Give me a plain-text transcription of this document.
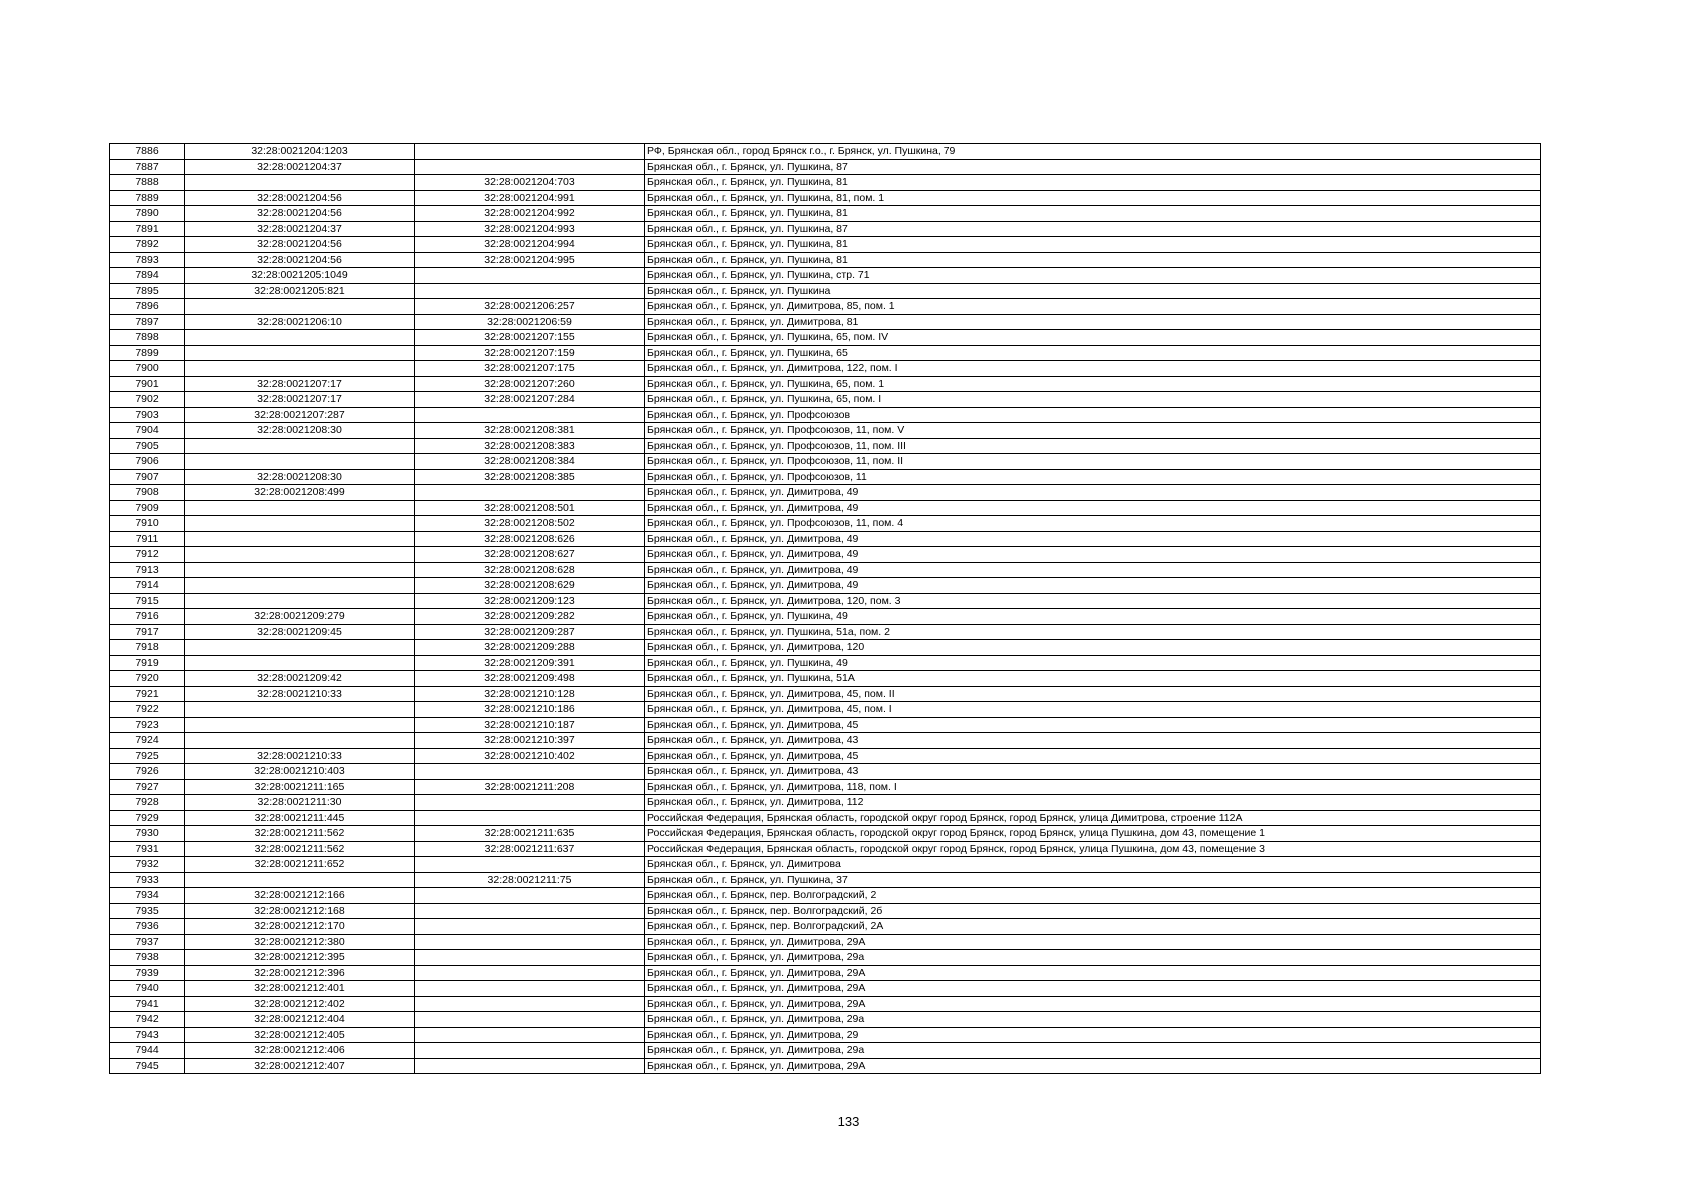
7886	32:28:0021204:1203		РФ, Брянская обл., город Брянск г.о., г. Брянск, ул. Пушкина, 79
7887	32:28:0021204:37		Брянская обл., г. Брянск, ул. Пушкина, 87
7888		32:28:0021204:703	Брянская обл., г. Брянск, ул. Пушкина, 81
7889	32:28:0021204:56	32:28:0021204:991	Брянская обл., г. Брянск, ул. Пушкина, 81, пом. 1
7890	32:28:0021204:56	32:28:0021204:992	Брянская обл., г. Брянск, ул. Пушкина, 81
7891	32:28:0021204:37	32:28:0021204:993	Брянская обл., г. Брянск, ул. Пушкина, 87
7892	32:28:0021204:56	32:28:0021204:994	Брянская обл., г. Брянск, ул. Пушкина, 81
7893	32:28:0021204:56	32:28:0021204:995	Брянская обл., г. Брянск, ул. Пушкина, 81
7894	32:28:0021205:1049		Брянская обл., г. Брянск, ул. Пушкина, стр. 71
7895	32:28:0021205:821		Брянская обл., г. Брянск, ул. Пушкина
7896		32:28:0021206:257	Брянская обл., г. Брянск, ул. Димитрова, 85, пом. 1
7897	32:28:0021206:10	32:28:0021206:59	Брянская обл., г. Брянск, ул. Димитрова, 81
7898		32:28:0021207:155	Брянская обл., г. Брянск, ул. Пушкина, 65, пом. IV
7899		32:28:0021207:159	Брянская обл., г. Брянск, ул. Пушкина, 65
7900		32:28:0021207:175	Брянская обл., г. Брянск, ул. Димитрова, 122, пом. I
7901	32:28:0021207:17	32:28:0021207:260	Брянская обл., г. Брянск, ул. Пушкина, 65, пом. 1
7902	32:28:0021207:17	32:28:0021207:284	Брянская обл., г. Брянск, ул. Пушкина, 65, пом. I
7903	32:28:0021207:287		Брянская обл., г. Брянск, ул. Профсоюзов
7904	32:28:0021208:30	32:28:0021208:381	Брянская обл., г. Брянск, ул. Профсоюзов, 11, пом. V
7905		32:28:0021208:383	Брянская обл., г. Брянск, ул. Профсоюзов, 11, пом. III
7906		32:28:0021208:384	Брянская обл., г. Брянск, ул. Профсоюзов, 11, пом. II
7907	32:28:0021208:30	32:28:0021208:385	Брянская обл., г. Брянск, ул. Профсоюзов, 11
7908	32:28:0021208:499		Брянская обл., г. Брянск, ул. Димитрова, 49
7909		32:28:0021208:501	Брянская обл., г. Брянск, ул. Димитрова, 49
7910		32:28:0021208:502	Брянская обл., г. Брянск, ул. Профсоюзов, 11, пом. 4
7911		32:28:0021208:626	Брянская обл., г. Брянск, ул. Димитрова, 49
7912		32:28:0021208:627	Брянская обл., г. Брянск, ул. Димитрова, 49
7913		32:28:0021208:628	Брянская обл., г. Брянск, ул. Димитрова, 49
7914		32:28:0021208:629	Брянская обл., г. Брянск, ул. Димитрова, 49
7915		32:28:0021209:123	Брянская обл., г. Брянск, ул. Димитрова, 120, пом. 3
7916	32:28:0021209:279	32:28:0021209:282	Брянская обл., г. Брянск, ул. Пушкина, 49
7917	32:28:0021209:45	32:28:0021209:287	Брянская обл., г. Брянск, ул. Пушкина, 51а, пом. 2
7918		32:28:0021209:288	Брянская обл., г. Брянск, ул. Димитрова, 120
7919		32:28:0021209:391	Брянская обл., г. Брянск, ул. Пушкина, 49
7920	32:28:0021209:42	32:28:0021209:498	Брянская обл., г. Брянск, ул. Пушкина, 51А
7921	32:28:0021210:33	32:28:0021210:128	Брянская обл., г. Брянск, ул. Димитрова, 45, пом. II
7922		32:28:0021210:186	Брянская обл., г. Брянск, ул. Димитрова, 45, пом. I
7923		32:28:0021210:187	Брянская обл., г. Брянск, ул. Димитрова, 45
7924		32:28:0021210:397	Брянская обл., г. Брянск, ул. Димитрова, 43
7925	32:28:0021210:33	32:28:0021210:402	Брянская обл., г. Брянск, ул. Димитрова, 45
7926	32:28:0021210:403		Брянская обл., г. Брянск, ул. Димитрова, 43
7927	32:28:0021211:165	32:28:0021211:208	Брянская обл., г. Брянск, ул. Димитрова, 118, пом. I
7928	32:28:0021211:30		Брянская обл., г. Брянск, ул. Димитрова, 112
7929	32:28:0021211:445		Российская Федерация, Брянская область, городской округ город Брянск, город Брянск, улица Димитрова, строение 112А
7930	32:28:0021211:562	32:28:0021211:635	Российская Федерация, Брянская область, городской округ город Брянск, город Брянск, улица Пушкина, дом 43, помещение 1
7931	32:28:0021211:562	32:28:0021211:637	Российская Федерация, Брянская область, городской округ город Брянск, город Брянск, улица Пушкина, дом 43, помещение 3
7932	32:28:0021211:652		Брянская обл., г. Брянск, ул. Димитрова
7933		32:28:0021211:75	Брянская обл., г. Брянск, ул. Пушкина, 37
7934	32:28:0021212:166		Брянская обл., г. Брянск, пер. Волгоградский, 2
7935	32:28:0021212:168		Брянская обл., г. Брянск, пер. Волгоградский, 2б
7936	32:28:0021212:170		Брянская обл., г. Брянск, пер. Волгоградский, 2А
7937	32:28:0021212:380		Брянская обл., г. Брянск, ул. Димитрова, 29А
7938	32:28:0021212:395		Брянская обл., г. Брянск, ул. Димитрова, 29а
7939	32:28:0021212:396		Брянская обл., г. Брянск, ул. Димитрова, 29А
7940	32:28:0021212:401		Брянская обл., г. Брянск, ул. Димитрова, 29А
7941	32:28:0021212:402		Брянская обл., г. Брянск, ул. Димитрова, 29А
7942	32:28:0021212:404		Брянская обл., г. Брянск, ул. Димитрова, 29а
7943	32:28:0021212:405		Брянская обл., г. Брянск, ул. Димитрова, 29
7944	32:28:0021212:406		Брянская обл., г. Брянск, ул. Димитрова, 29а
7945	32:28:0021212:407		Брянская обл., г. Брянск, ул. Димитрова, 29А
133
